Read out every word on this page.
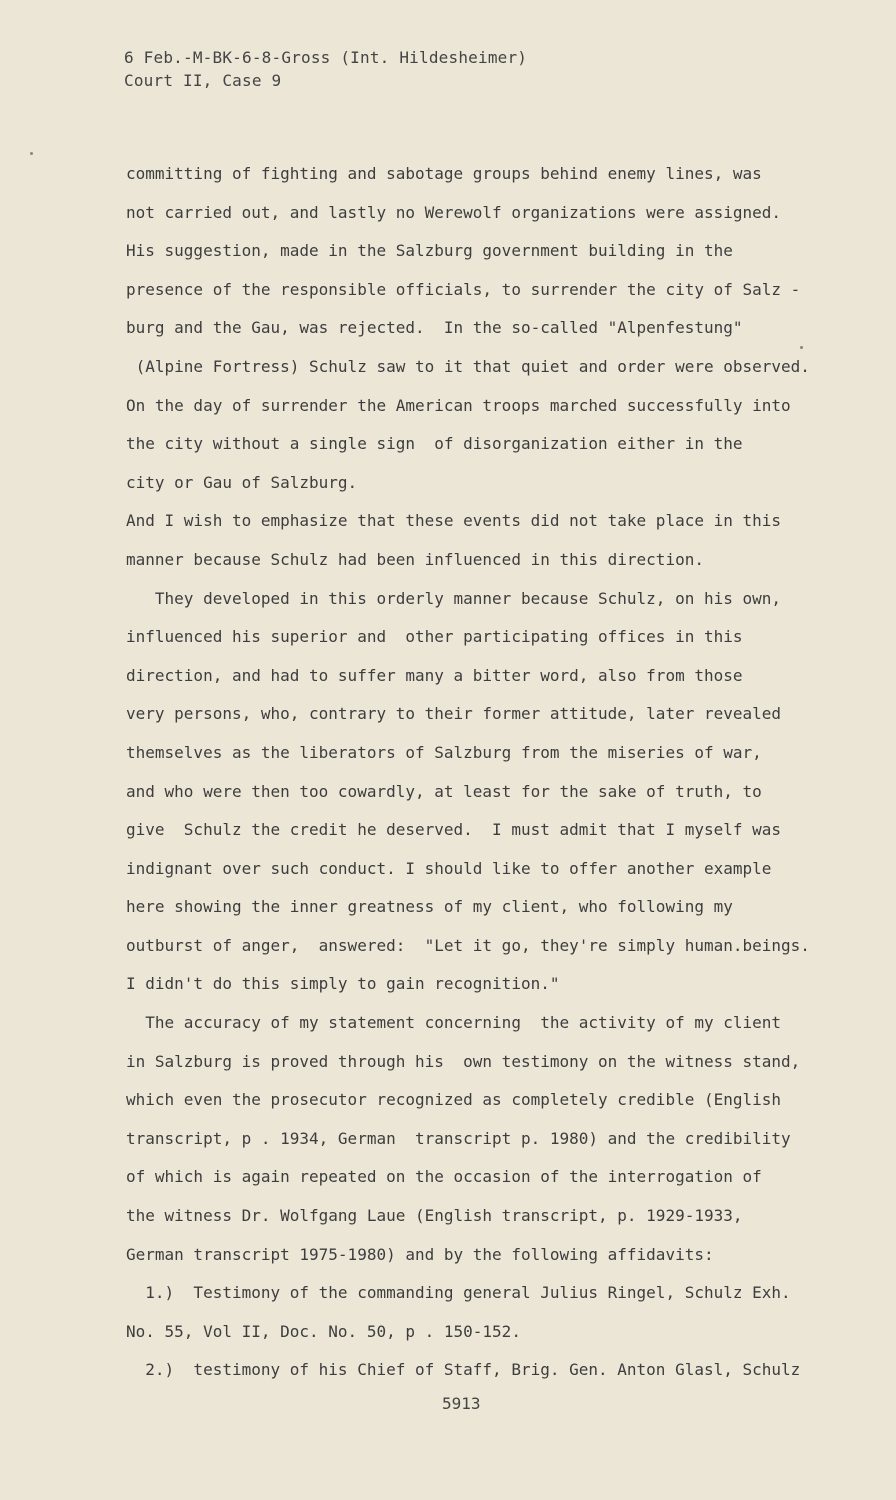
6 Feb.-M-BK-6-8-Gross (Int. Hildesheimer)
Court II, Case 9
committing of fighting and sabotage groups behind enemy lines, was
not carried out, and lastly no Werewolf organizations were assigned.
His suggestion, made in the Salzburg government building in the
presence of the responsible officials, to surrender the city of Salz -
burg and the Gau, was rejected.  In the so-called "Alpenfestung"
(Alpine Fortress) Schulz saw to it that quiet and order were observed.
On the day of surrender the American troops marched successfully into
the city without a single sign  of disorganization either in the
city or Gau of Salzburg.
And I wish to emphasize that these events did not take place in this
manner because Schulz had been influenced in this direction.
They developed in this orderly manner because Schulz, on his own,
influenced his superior and  other participating offices in this
direction, and had to suffer many a bitter word, also from those
very persons, who, contrary to their former attitude, later revealed
themselves as the liberators of Salzburg from the miseries of war,
and who were then too cowardly, at least for the sake of truth, to
give  Schulz the credit he deserved.  I must admit that I myself was
indignant over such conduct. I should like to offer another example
here showing the inner greatness of my client, who following my
outburst of anger,  answered:  "Let it go, they're simply human.beings.
I didn't do this simply to gain recognition."
The accuracy of my statement concerning  the activity of my client
in Salzburg is proved through his  own testimony on the witness stand,
which even the prosecutor recognized as completely credible (English
transcript, p . 1934, German  transcript p. 1980) and the credibility
of which is again repeated on the occasion of the interrogation of
the witness Dr. Wolfgang Laue (English transcript, p. 1929-1933,
German transcript 1975-1980) and by the following affidavits:
1.)  Testimony of the commanding general Julius Ringel, Schulz Exh.
No. 55, Vol II, Doc. No. 50, p . 150-152.
2.)  testimony of his Chief of Staff, Brig. Gen. Anton Glasl, Schulz
5913
